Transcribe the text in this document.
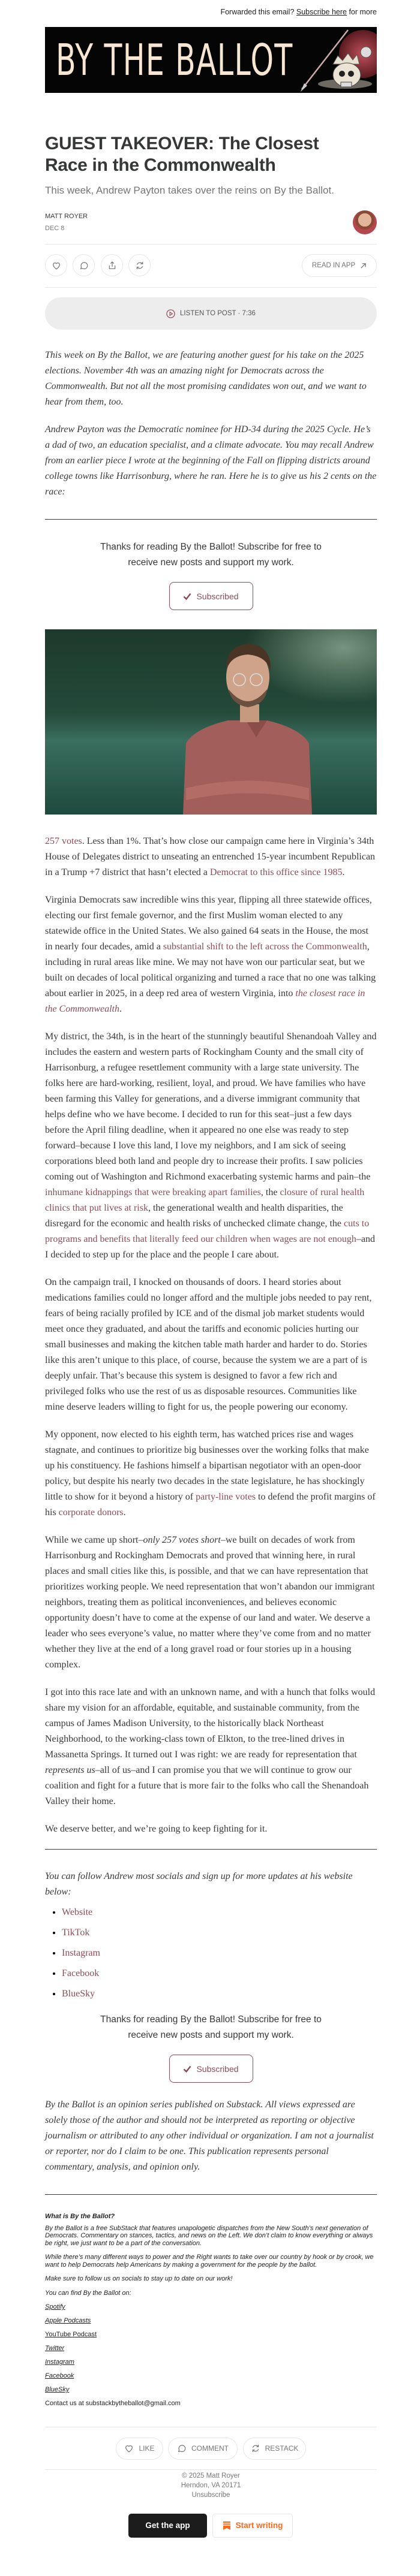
Forwarded this email? Subscribe here for more
BY THE BALLOT
GUEST TAKEOVER: The Closest Race in the Commonwealth
This week, Andrew Payton takes over the reins on By the Ballot.
MATT ROYER
DEC 8
READ IN APP
LISTEN TO POST · 7:36

This week on By the Ballot, we are featuring another guest for his take on the 2025 elections. November 4th was an amazing night for Democrats across the Commonwealth. But not all the most promising candidates won out, and we want to hear from them, too.

Andrew Payton was the Democratic nominee for HD-34 during the 2025 Cycle. He’s a dad of two, an education specialist, and a climate advocate. You may recall Andrew from an earlier piece I wrote at the beginning of the Fall on flipping districts around college towns like Harrisonburg, where he ran. Here he is to give us his 2 cents on the race:

Thanks for reading By the Ballot! Subscribe for free to receive new posts and support my work.
Subscribed

257 votes. Less than 1%. That’s how close our campaign came here in Virginia’s 34th House of Delegates district to unseating an entrenched 15-year incumbent Republican in a Trump +7 district that hasn’t elected a Democrat to this office since 1985.

Virginia Democrats saw incredible wins this year, flipping all three statewide offices, electing our first female governor, and the first Muslim woman elected to any statewide office in the United States. We also gained 64 seats in the House, the most in nearly four decades, amid a substantial shift to the left across the Commonwealth, including in rural areas like mine. We may not have won our particular seat, but we built on decades of local political organizing and turned a race that no one was talking about earlier in 2025, in a deep red area of western Virginia, into the closest race in the Commonwealth.

My district, the 34th, is in the heart of the stunningly beautiful Shenandoah Valley and includes the eastern and western parts of Rockingham County and the small city of Harrisonburg, a refugee resettlement community with a large state university. The folks here are hard-working, resilient, loyal, and proud. We have families who have been farming this Valley for generations, and a diverse immigrant community that helps define who we have become. I decided to run for this seat–just a few days before the April filing deadline, when it appeared no one else was ready to step forward–because I love this land, I love my neighbors, and I am sick of seeing corporations bleed both land and people dry to increase their profits. I saw policies coming out of Washington and Richmond exacerbating systemic harms and pain–the inhumane kidnappings that were breaking apart families, the closure of rural health clinics that put lives at risk, the generational wealth and health disparities, the disregard for the economic and health risks of unchecked climate change, the cuts to programs and benefits that literally feed our children when wages are not enough–and I decided to step up for the place and the people I care about.

On the campaign trail, I knocked on thousands of doors. I heard stories about medications families could no longer afford and the multiple jobs needed to pay rent, fears of being racially profiled by ICE and of the dismal job market students would meet once they graduated, and about the tariffs and economic policies hurting our small businesses and making the kitchen table math harder and harder to do. Stories like this aren’t unique to this place, of course, because the system we are a part of is deeply unfair. That’s because this system is designed to favor a few rich and privileged folks who use the rest of us as disposable resources. Communities like mine deserve leaders willing to fight for us, the people powering our economy.

My opponent, now elected to his eighth term, has watched prices rise and wages stagnate, and continues to prioritize big businesses over the working folks that make up his constituency. He fashions himself a bipartisan negotiator with an open-door policy, but despite his nearly two decades in the state legislature, he has shockingly little to show for it beyond a history of party-line votes to defend the profit margins of his corporate donors.

While we came up short–only 257 votes short–we built on decades of work from Harrisonburg and Rockingham Democrats and proved that winning here, in rural places and small cities like this, is possible, and that we can have representation that prioritizes working people. We need representation that won’t abandon our immigrant neighbors, treating them as political inconveniences, and believes economic opportunity doesn’t have to come at the expense of our land and water. We deserve a leader who sees everyone’s value, no matter where they’ve come from and no matter whether they live at the end of a long gravel road or four stories up in a housing complex.

I got into this race late and with an unknown name, and with a hunch that folks would share my vision for an affordable, equitable, and sustainable community, from the campus of James Madison University, to the historically black Northeast Neighborhood, to the working-class town of Elkton, to the tree-lined drives in Massanetta Springs. It turned out I was right: we are ready for representation that represents us–all of us–and I can promise you that we will continue to grow our coalition and fight for a future that is more fair to the folks who call the Shenandoah Valley their home.

We deserve better, and we’re going to keep fighting for it.

You can follow Andrew most socials and sign up for more updates at his website below:

• Website
• TikTok
• Instagram
• Facebook
• BlueSky
Thanks for reading By the Ballot! Subscribe for free to receive new posts and support my work.
Subscribed

By the Ballot is an opinion series published on Substack. All views expressed are solely those of the author and should not be interpreted as reporting or objective journalism or attributed to any other individual or organization. I am not a journalist or reporter, nor do I claim to be one. This publication represents personal commentary, analysis, and opinion only.

What is By the Ballot?
By the Ballot is a free SubStack that features unapologetic dispatches from the New South’s next generation of Democrats. Commentary on stances, tactics, and news on the Left. We don’t claim to know everything or always be right, we just want to be a part of the conversation.
While there’s many different ways to power and the Right wants to take over our country by hook or by crook, we want to help Democrats help Americans by making a government for the people by the ballot.
Make sure to follow us on socials to stay up to date on our work!
You can find By the Ballot on:
Spotify
Apple Podcasts
YouTube Podcast
Twitter
Instagram
Facebook
BlueSky
Contact us at substackbytheballot@gmail.com
LIKE	COMMENT	RESTACK
© 2025 Matt Royer
Herndon, VA 20171
Unsubscribe
Get the app	Start writing
